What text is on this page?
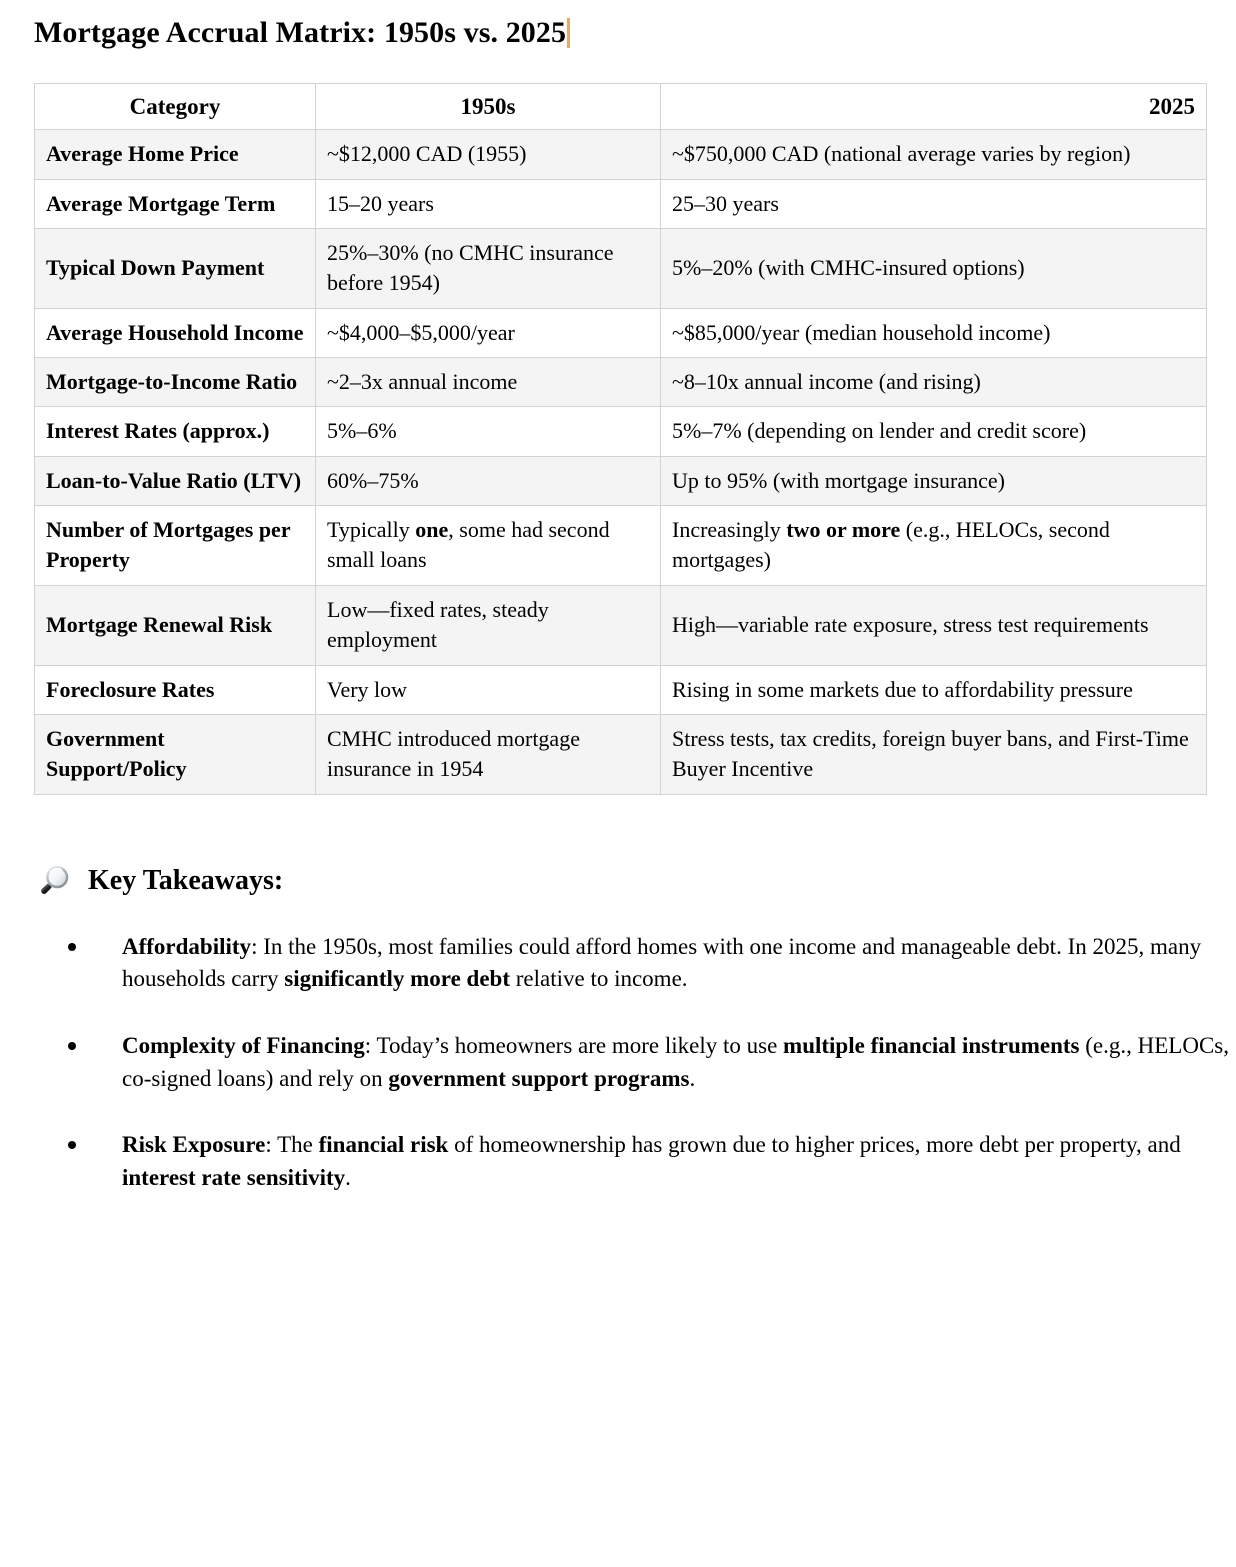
Mortgage Accrual Matrix: 1950s vs. 2025
Category	1950s	2025
Average Home Price	~$12,000 CAD (1955)	~$750,000 CAD (national average varies by region)
Average Mortgage Term	15–20 years	25–30 years
Typical Down Payment	25%–30% (no CMHC insurance before 1954)	5%–20% (with CMHC-insured options)
Average Household Income	~$4,000–$5,000/year	~$85,000/year (median household income)
Mortgage-to-Income Ratio	~2–3x annual income	~8–10x annual income (and rising)
Interest Rates (approx.)	5%–6%	5%–7% (depending on lender and credit score)
Loan-to-Value Ratio (LTV)	60%–75%	Up to 95% (with mortgage insurance)
Number of Mortgages per Property	Typically one, some had second small loans	Increasingly two or more (e.g., HELOCs, second mortgages)
Mortgage Renewal Risk	Low—fixed rates, steady employment	High—variable rate exposure, stress test requirements
Foreclosure Rates	Very low	Rising in some markets due to affordability pressure
Government Support/Policy	CMHC introduced mortgage insurance in 1954	Stress tests, tax credits, foreign buyer bans, and First-Time Buyer Incentive
Key Takeaways:
Affordability: In the 1950s, most families could afford homes with one income and manageable debt. In 2025, many households carry significantly more debt relative to income.
Complexity of Financing: Today’s homeowners are more likely to use multiple financial instruments (e.g., HELOCs, co-signed loans) and rely on government support programs.
Risk Exposure: The financial risk of homeownership has grown due to higher prices, more debt per property, and interest rate sensitivity.
